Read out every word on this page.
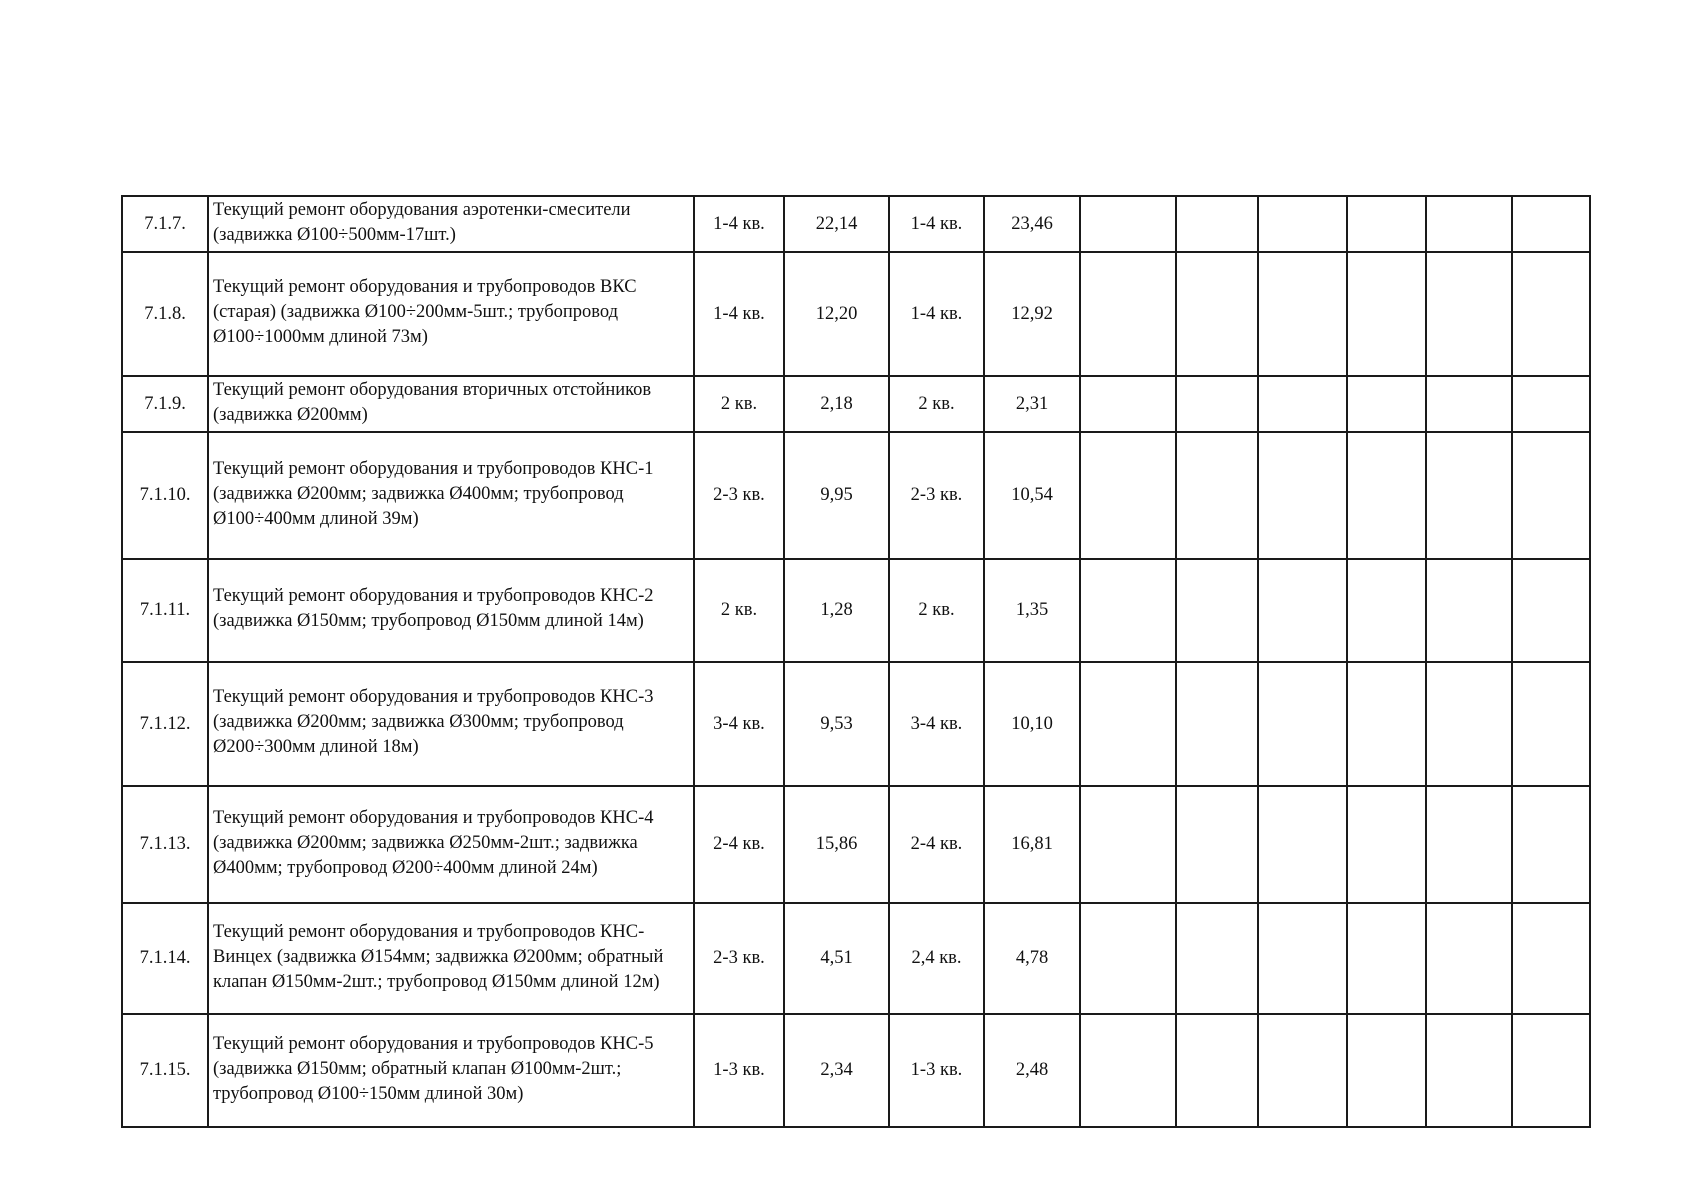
7.1.7.	Текущий ремонт оборудования аэротенки-смесители (задвижка Ø100÷500мм-17шт.)	1-4 кв.	22,14	1-4 кв.	23,46						
7.1.8.	Текущий ремонт оборудования и трубопроводов ВКС (старая) (задвижка Ø100÷200мм-5шт.; трубопровод Ø100÷1000мм длиной 73м)	1-4 кв.	12,20	1-4 кв.	12,92						
7.1.9.	Текущий ремонт оборудования вторичных отстойников (задвижка Ø200мм)	2 кв.	2,18	2 кв.	2,31						
7.1.10.	Текущий ремонт оборудования и трубопроводов КНС-1 (задвижка Ø200мм; задвижка Ø400мм; трубопровод Ø100÷400мм длиной 39м)	2-3 кв.	9,95	2-3 кв.	10,54						
7.1.11.	Текущий ремонт оборудования и трубопроводов КНС-2 (задвижка Ø150мм; трубопровод Ø150мм длиной 14м)	2 кв.	1,28	2 кв.	1,35						
7.1.12.	Текущий ремонт оборудования и трубопроводов КНС-3 (задвижка Ø200мм; задвижка Ø300мм; трубопровод Ø200÷300мм длиной 18м)	3-4 кв.	9,53	3-4 кв.	10,10						
7.1.13.	Текущий ремонт оборудования и трубопроводов КНС-4 (задвижка Ø200мм; задвижка Ø250мм-2шт.; задвижка Ø400мм; трубопровод Ø200÷400мм длиной 24м)	2-4 кв.	15,86	2-4 кв.	16,81						
7.1.14.	Текущий ремонт оборудования и трубопроводов КНС-Винцех (задвижка Ø154мм; задвижка Ø200мм; обратный клапан Ø150мм-2шт.; трубопровод Ø150мм длиной 12м)	2-3 кв.	4,51	2,4 кв.	4,78						
7.1.15.	Текущий ремонт оборудования и трубопроводов КНС-5 (задвижка Ø150мм; обратный клапан Ø100мм-2шт.; трубопровод Ø100÷150мм длиной 30м)	1-3 кв.	2,34	1-3 кв.	2,48						
